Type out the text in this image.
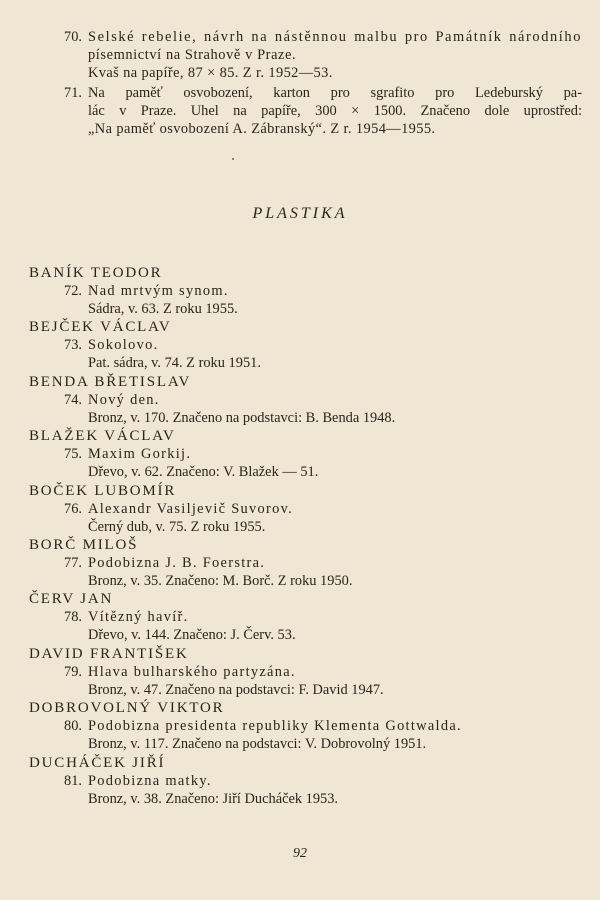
70. Selské rebelie, návrh na nástěnnou malbu pro Památník národního
písemnictví na Strahově v Praze.
Kvaš na papíře, 87 × 85. Z r. 1952—53.
71. Na paměť osvobození, karton pro sgrafito pro Ledeburský pa-
lác v Praze. Uhel na papíře, 300 × 1500. Značeno dole uprostřed:
„Na paměť osvobození A. Zábranský“. Z r. 1954—1955.
PLASTIKA
BANÍK TEODOR
72. Nad mrtvým synom.
Sádra, v. 63. Z roku 1955.
BEJČEK VÁCLAV
73. Sokolovo.
Pat. sádra, v. 74. Z roku 1951.
BENDA BŘETISLAV
74. Nový den.
Bronz, v. 170. Značeno na podstavci: B. Benda 1948.
BLAŽEK VÁCLAV
75. Maxim Gorkij.
Dřevo, v. 62. Značeno: V. Blažek — 51.
BOČEK LUBOMÍR
76. Alexandr Vasiljevič Suvorov.
Černý dub, v. 75. Z roku 1955.
BORČ MILOŠ
77. Podobizna J. B. Foerstra.
Bronz, v. 35. Značeno: M. Borč. Z roku 1950.
ČERV JAN
78. Vítězný havíř.
Dřevo, v. 144. Značeno: J. Červ. 53.
DAVID FRANTIŠEK
79. Hlava bulharského partyzána.
Bronz, v. 47. Značeno na podstavci: F. David 1947.
DOBROVOLNÝ VIKTOR
80. Podobizna presidenta republiky Klementa Gottwalda.
Bronz, v. 117. Značeno na podstavci: V. Dobrovolný 1951.
DUCHÁČEK JIŘÍ
81. Podobizna matky.
Bronz, v. 38. Značeno: Jiří Ducháček 1953.
92
